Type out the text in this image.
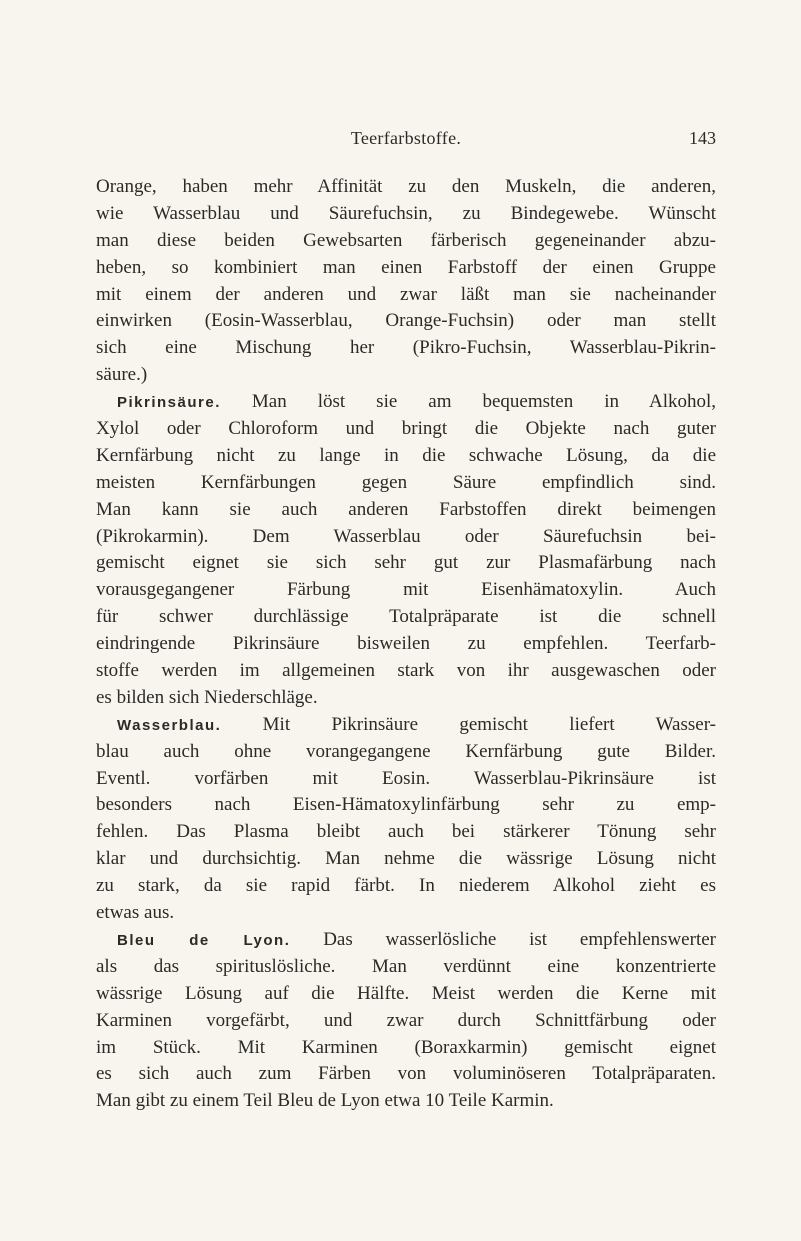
Teerfarbstoffe.	143
Orange, haben mehr Affinität zu den Muskeln, die anderen,
wie Wasserblau und Säurefuchsin, zu Bindegewebe. Wünscht
man diese beiden Gewebsarten färberisch gegeneinander abzu-
heben, so kombiniert man einen Farbstoff der einen Gruppe
mit einem der anderen und zwar läßt man sie nacheinander
einwirken (Eosin-Wasserblau, Orange-Fuchsin) oder man stellt
sich eine Mischung her (Pikro-Fuchsin, Wasserblau-Pikrin-
säure.)
Pikrinsäure. Man löst sie am bequemsten in Alkohol,
Xylol oder Chloroform und bringt die Objekte nach guter
Kernfärbung nicht zu lange in die schwache Lösung, da die
meisten Kernfärbungen gegen Säure empfindlich sind.
Man kann sie auch anderen Farbstoffen direkt beimengen
(Pikrokarmin). Dem Wasserblau oder Säurefuchsin bei-
gemischt eignet sie sich sehr gut zur Plasmafärbung nach
vorausgegangener Färbung mit Eisenhämatoxylin. Auch
für schwer durchlässige Totalpräparate ist die schnell
eindringende Pikrinsäure bisweilen zu empfehlen. Teerfarb-
stoffe werden im allgemeinen stark von ihr ausgewaschen oder
es bilden sich Niederschläge.
Wasserblau. Mit Pikrinsäure gemischt liefert Wasser-
blau auch ohne vorangegangene Kernfärbung gute Bilder.
Eventl. vorfärben mit Eosin. Wasserblau-Pikrinsäure ist
besonders nach Eisen-Hämatoxylinfärbung sehr zu emp-
fehlen. Das Plasma bleibt auch bei stärkerer Tönung sehr
klar und durchsichtig. Man nehme die wässrige Lösung nicht
zu stark, da sie rapid färbt. In niederem Alkohol zieht es
etwas aus.
Bleu de Lyon. Das wasserlösliche ist empfehlenswerter
als das spirituslösliche. Man verdünnt eine konzentrierte
wässrige Lösung auf die Hälfte. Meist werden die Kerne mit
Karminen vorgefärbt, und zwar durch Schnittfärbung oder
im Stück. Mit Karminen (Boraxkarmin) gemischt eignet
es sich auch zum Färben von voluminöseren Totalpräparaten.
Man gibt zu einem Teil Bleu de Lyon etwa 10 Teile Karmin.
